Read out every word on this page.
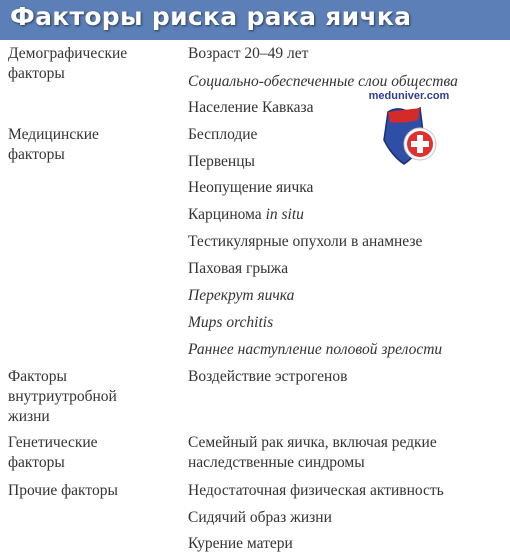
Факторы риска рака яичка
Демографические
факторы
Возраст 20–49 лет
Социально-обеспеченные слои общества
Население Кавказа
Медицинские
факторы
Бесплодие
Первенцы
Неопущение яичка
Карцинома in situ
Тестикулярные опухоли в анамнезе
Паховая грыжа
Перекрут яичка
Mups orchitis
Раннее наступление половой зрелости
Факторы
внутриутробной
жизни
Воздействие эстрогенов
Генетические
факторы
Семейный рак яичка, включая редкие
наследственные синдромы
Прочие факторы	Недостаточная физическая активность
Сидячий образ жизни
Курение матери
meduniver.com
